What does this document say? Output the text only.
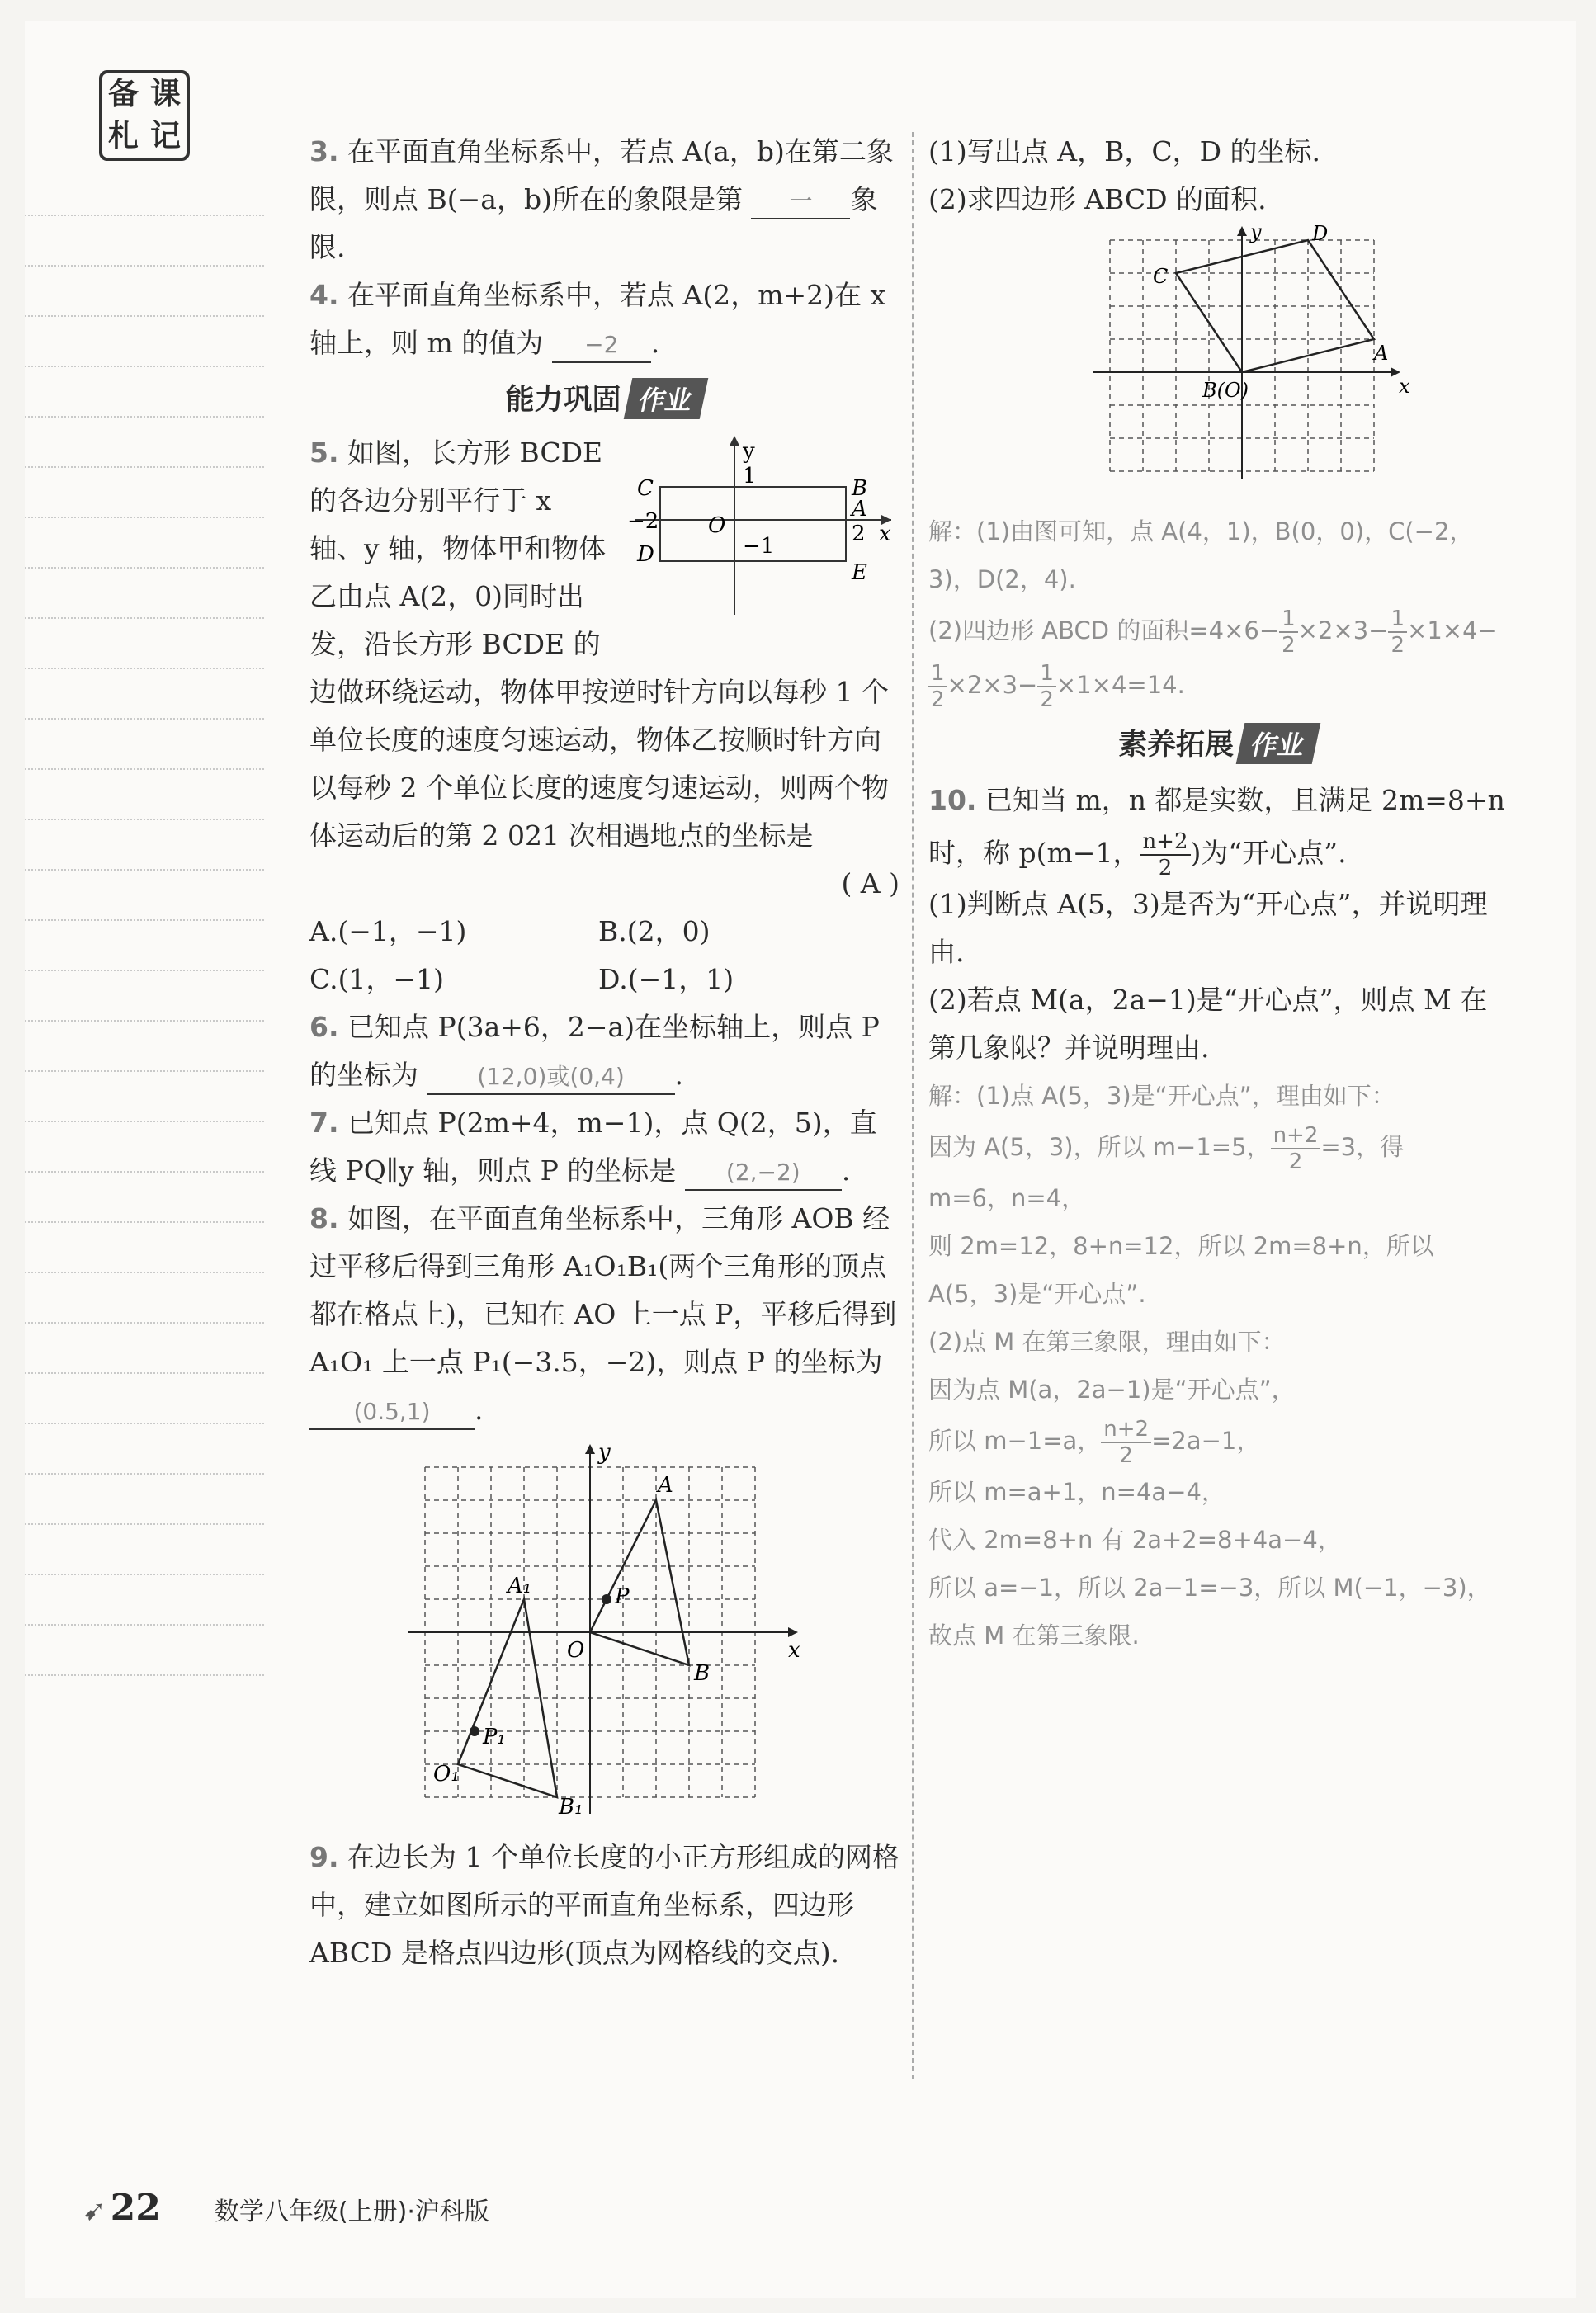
备 课
札 记	3. 在平面直角坐标系中，若点 A(a，b)在第二象限，则点 B(−a，b)所在的象限是第 一 象限.
4. 在平面直角坐标系中，若点 A(2，m+2)在 x 轴上，则 m 的值为 −2 .
能力巩固 作业
y
1
C	B
A
−2 O	2 x
−1
D
E
5. 如图，长方形 BCDE 的各边分别平行于 x 轴、y 轴，物体甲和物体乙由点 A(2，0)同时出发，沿长方形 BCDE 的边做环绕运动，物体甲按逆时针方向以每秒 1 个单位长度的速度匀速运动，物体乙按顺时针方向以每秒 2 个单位长度的速度匀速运动，则两个物体运动后的第 2 021 次相遇地点的坐标是
( A )
A.(−1，−1)	B.(2，0)
C.(1，−1)	D.(−1，1)
6. 已知点 P(3a+6，2−a)在坐标轴上，则点 P 的坐标为	(12,0)或(0,4) .
7. 已知点 P(2m+4，m−1)，点 Q(2，5)，直线 PQ∥y 轴，则点 P 的坐标是 (2,−2) .
8. 如图，在平面直角坐标系中，三角形 AOB 经过平移后得到三角形 A₁O₁B₁(两个三角形的顶点都在格点上)，已知在 AO 上一点 P，平移后得到 A₁O₁ 上一点 P₁(−3.5，−2)，则点 P 的坐标为 (0.5,1) .
y
x
O
A
B
P
A₁
P₁
O₁
B₁
9. 在边长为 1 个单位长度的小正方形组成的网格中，建立如图所示的平面直角坐标系，四边形 ABCD 是格点四边形(顶点为网格线的交点).
(1)写出点 A，B，C，D 的坐标.
(2)求四边形 ABCD 的面积.
y
x
A
B(O)
C
D
解：(1)由图可知，点 A(4，1)，B(0，0)，C(−2，3)，D(2，4).
(2)四边形 ABCD 的面积$=4\times 6- \frac{1}{2} \times 2\times 3- \frac{1}{2} \times 1\times 4-$
$\frac{1}{2} \times 2\times 3- \frac{1}{2} \times 1\times 4=14$.
素养拓展 作业
10. 已知当 m，n 都是实数，且满足 2m=8+n 时，称 p(m−1， $\frac{n+2}{2}$ )为“开心点”.
(1)判断点 A(5，3)是否为“开心点”，并说明理由.
(2)若点 M(a，2a−1)是“开心点”，则点 M 在第几象限？并说明理由.
解：(1)点 A(5，3)是“开心点”，理由如下：
因为 A(5，3)，所以 m−1=5， $\frac{n+2}{2} =3$，得
m=6，n=4，
则 2m=12，8+n=12，所以 2m=8+n，所以 A(5，3)是“开心点”.
(2)点 M 在第三象限，理由如下：
因为点 M(a，2a−1)是“开心点”，
所以 m−1=a， $\frac{n+2}{2} =2a-1$，
所以 m=a+1，n=4a−4，
代入 2m=8+n 有 2a+2=8+4a−4，
所以 a=−1，所以 2a−1=−3，所以 M(−1，−3)，
故点 M 在第三象限.
➹ 22 数学八年级(上册)·沪科版
